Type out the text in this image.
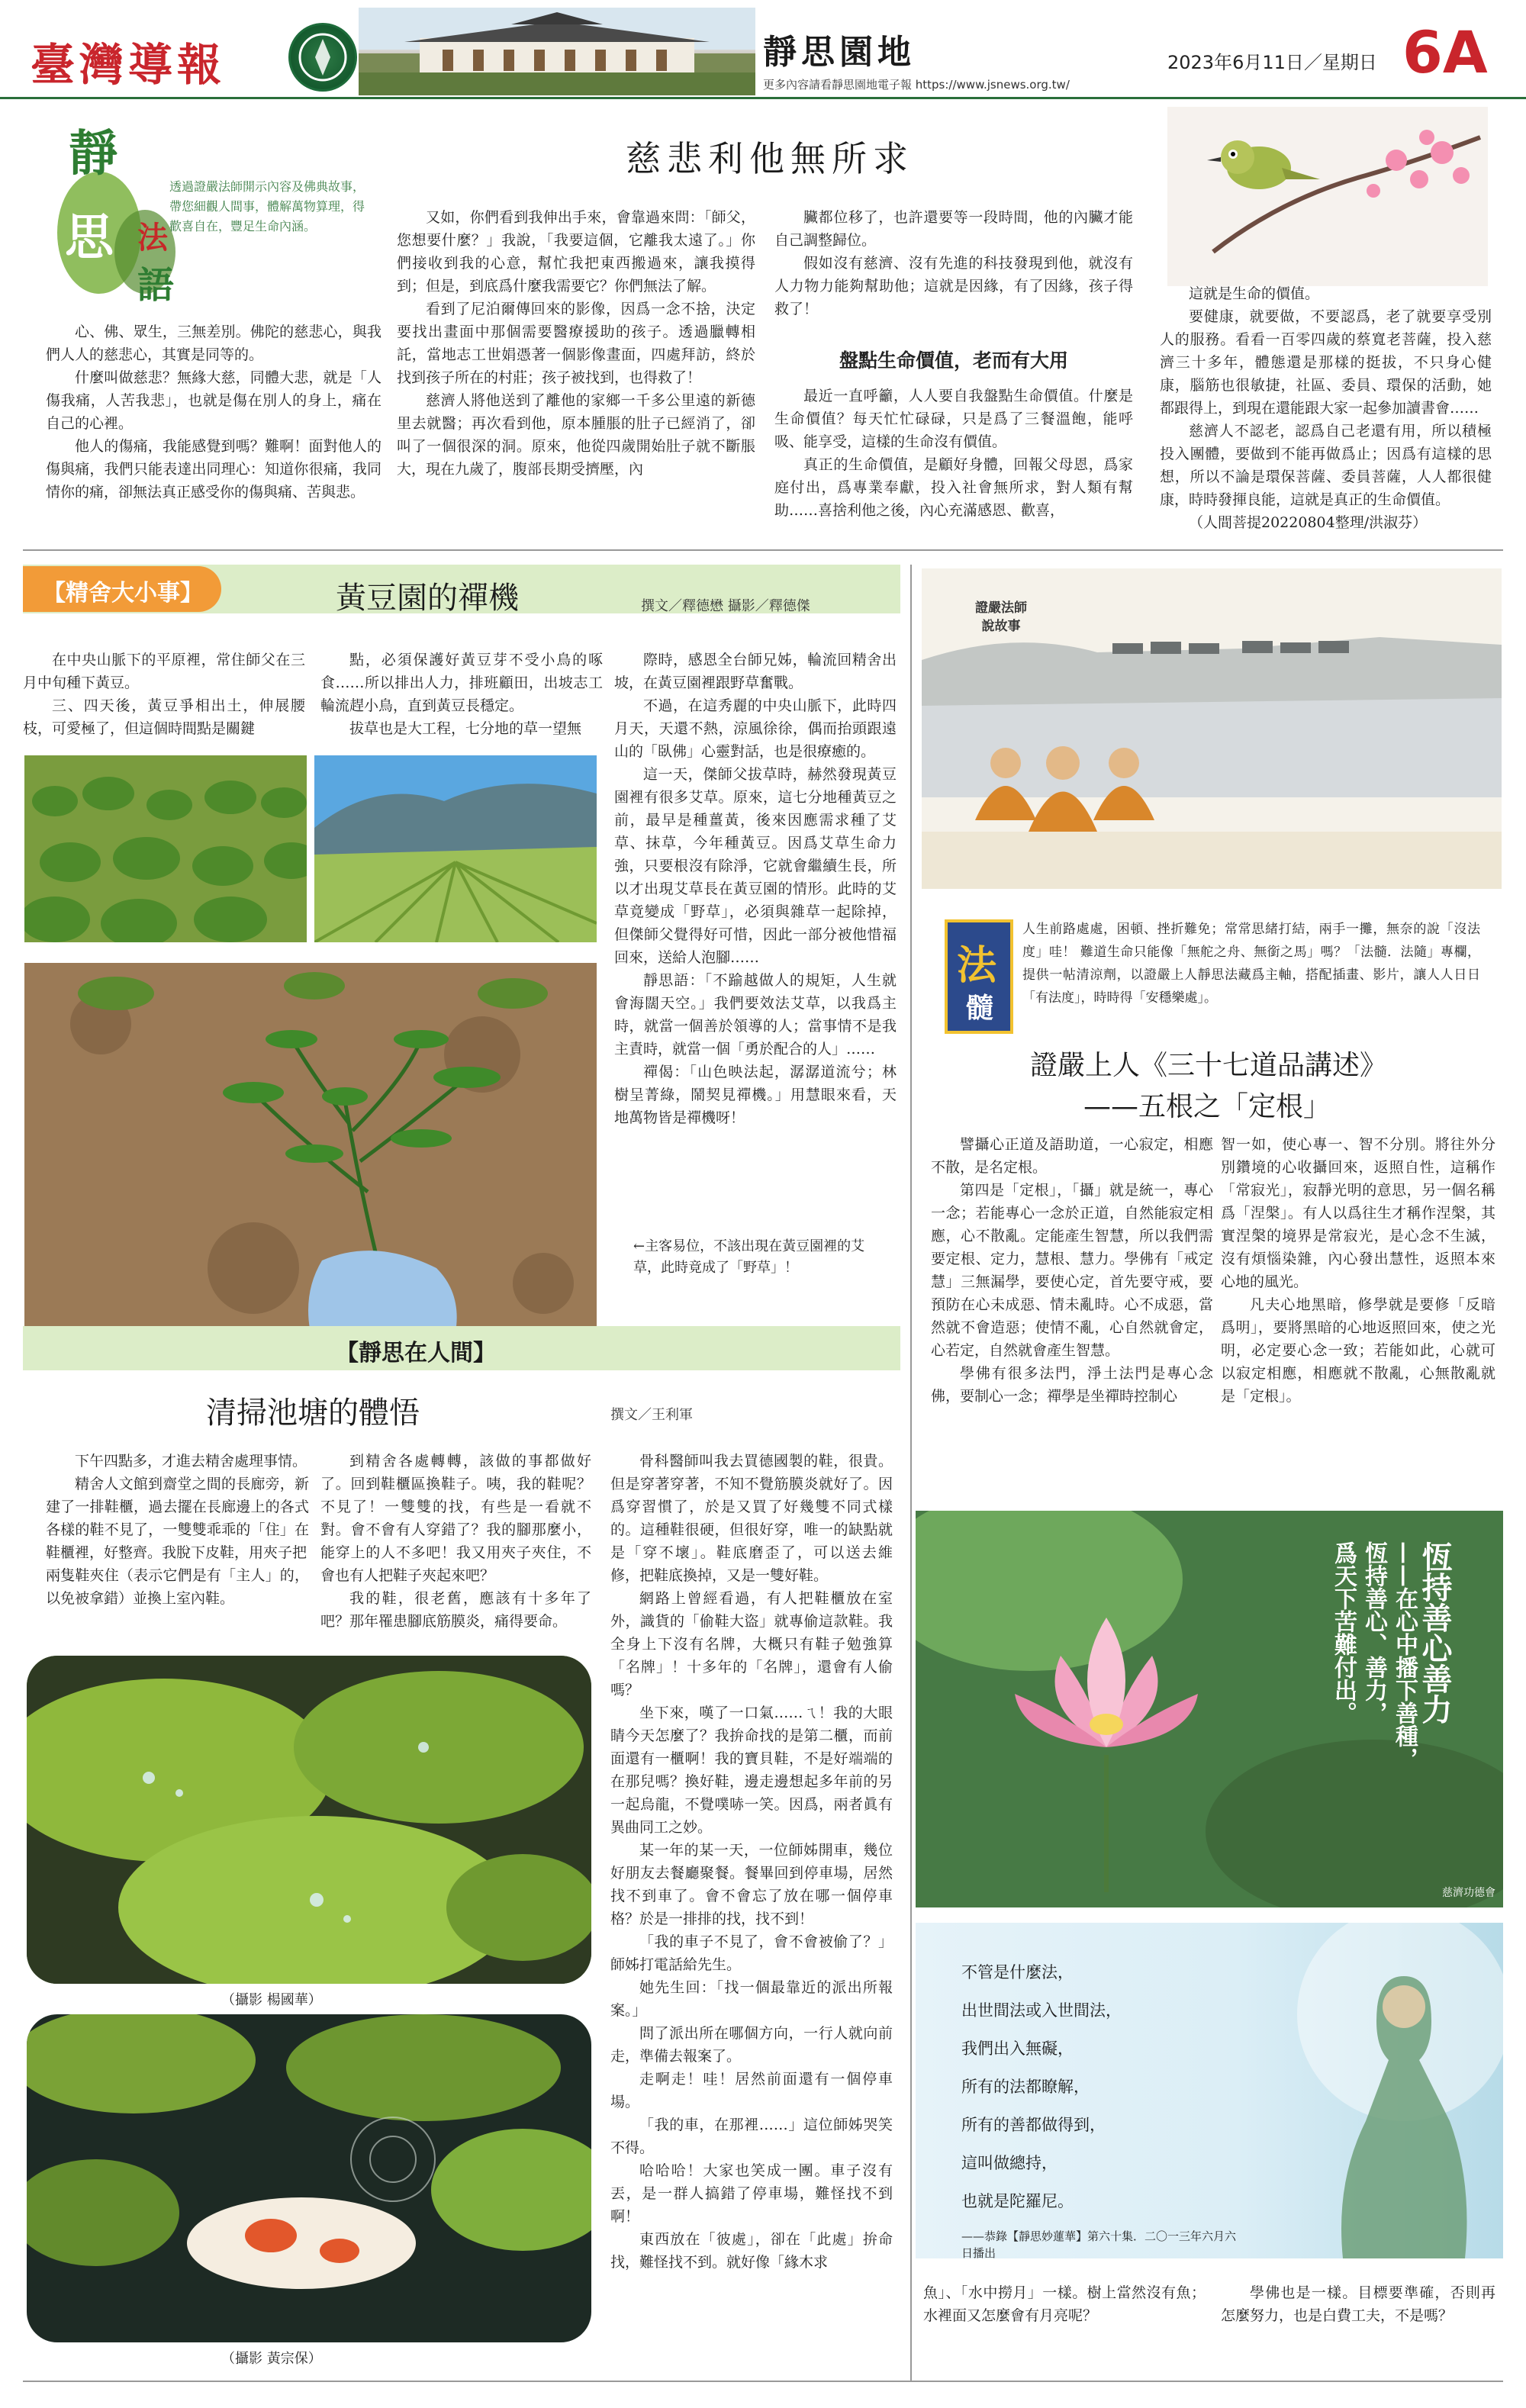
臺灣導報	靜思園地
更多內容請看靜思園地電子報 https://www.jsnews.org.tw/
2023年6月11日／星期日 6A
靜
思 法
語
透過證嚴法師開示內容及佛典故事，帶您細觀人間事，體解萬物算理，得歡喜自在，豐足生命內涵。
慈悲利他無所求

心、佛、眾生，三無差別。佛陀的慈悲心，與我們人人的慈悲心，其實是同等的。

什麼叫做慈悲？無緣大慈，同體大悲，就是「人傷我痛，人苦我悲」，也就是傷在別人的身上，痛在自己的心裡。

他人的傷痛，我能感覺到嗎？難啊！面對他人的傷與痛，我們只能表達出同理心：知道你很痛，我同情你的痛，卻無法真正感受你的傷與痛、苦與悲。

又如，你們看到我伸出手來，會靠過來問：「師父，您想要什麼？」我說，「我要這個，它離我太遠了。」你們接收到我的心意，幫忙我把東西搬過來，讓我摸得到；但是，到底爲什麼我需要它？你們無法了解。

看到了尼泊爾傳回來的影像，因爲一念不捨，決定要找出畫面中那個需要醫療援助的孩子。透過臘轉相託，當地志工世娟憑著一個影像畫面，四處拜訪，終於找到孩子所在的村莊；孩子被找到，也得救了！

慈濟人將他送到了離他的家鄉一千多公里遠的新德里去就醫；再次看到他，原本腫脹的肚子已經消了，卻叫了一個很深的洞。原來，他從四歲開始肚子就不斷脹大，現在九歲了，腹部長期受擠壓，內

臟都位移了，也許還要等一段時間，他的內臟才能自己調整歸位。

假如沒有慈濟、沒有先進的科技發現到他，就沒有人力物力能夠幫助他；這就是因緣，有了因緣，孩子得救了！

盤點生命價值，老而有大用

最近一直呼籲，人人要自我盤點生命價值。什麼是生命價值？每天忙忙碌碌，只是爲了三餐溫飽，能呼吸、能享受，這樣的生命沒有價值。

真正的生命價值，是顧好身體，回報父母恩，爲家庭付出，爲專業奉獻，投入社會無所求，對人類有幫助……喜捨利他之後，內心充滿感恩、歡喜，

這就是生命的價值。

要健康，就要做，不要認爲，老了就要享受別人的服務。看看一百零四歲的蔡寬老菩薩，投入慈濟三十多年，體態還是那樣的挺拔，不只身心健康，腦筋也很敏捷，社區、委員、環保的活動，她都跟得上，到現在還能跟大家一起參加讀書會……

慈濟人不認老，認爲自己老還有用，所以積極投入團體，要做到不能再做爲止；因爲有這樣的思想，所以不論是環保菩薩、委員菩薩，人人都很健康，時時發揮良能，這就是真正的生命價值。

（人間菩提20220804整理/洪淑芬）

【精舍大小事】	黃豆園的禪機	撰文／釋德懋 攝影／釋德傑

在中央山脈下的平原裡，常住師父在三月中旬種下黃豆。

三、四天後，黃豆爭相出土，伸展腰枝，可愛極了，但這個時間點是關鍵

點，必須保護好黃豆芽不受小鳥的啄食……所以排出人力，排班顧田，出坡志工輪流趕小鳥，直到黃豆長穩定。

拔草也是大工程，七分地的草一望無

際時，感恩全台師兄姊，輪流回精舍出坡，在黃豆園裡跟野草奮戰。

不過，在這秀麗的中央山脈下，此時四月天，天還不熱，涼風徐徐，偶而抬頭跟遠山的「臥佛」心靈對話，也是很療癒的。

這一天，傑師父拔草時，赫然發現黃豆園裡有很多艾草。原來，這七分地種黃豆之前，最早是種薑黃，後來因應需求種了艾草、抹草，今年種黃豆。因爲艾草生命力強，只要根沒有除淨，它就會繼續生長，所以才出現艾草長在黃豆園的情形。此時的艾草竟變成「野草」，必須與雜草一起除掉，但傑師父覺得好可惜，因此一部分被他惜福回來，送給人泡腳……

靜思語：「不踰越做人的規矩，人生就會海闊天空。」我們要效法艾草，以我爲主時，就當一個善於領導的人；當事情不是我主責時，就當一個「勇於配合的人」……

禪偈：「山色映法起，潺潺道流兮；林樹呈菁綠，鬧契見禪機。」用慧眼來看，天地萬物皆是禪機呀！

←主客易位，不該出現在黃豆園裡的艾草，此時竟成了「野草」！
【靜思在人間】
清掃池塘的體悟	撰文／王利軍

下午四點多，才進去精舍處理事情。

精舍人文館到齋堂之間的長廊旁，新建了一排鞋櫃，過去擺在長廊邊上的各式各樣的鞋不見了，一雙雙乖乖的「住」在鞋櫃裡，好整齊。我脫下皮鞋，用夾子把

兩隻鞋夾住（表示它們是有「主人」的，以免被拿錯）並換上室內鞋。

到精舍各處轉轉，該做的事都做好了。回到鞋櫃區換鞋子。咦，我的鞋呢？不見了！一雙雙的找，有些是一看就不對。會不會有人穿錯了？我的腳那麼小，能穿上的人不多吧！我又用夾子夾住，不會也有人把鞋子夾起來吧？

我的鞋，很老舊，應該有十多年了吧？那年罹患腳底筋膜炎，痛得要命。

骨科醫師叫我去買德國製的鞋，很貴。但是穿著穿著，不知不覺筋膜炎就好了。因爲穿習慣了，於是又買了好幾雙不同式樣的。這種鞋很硬，但很好穿，唯一的缺點就是「穿不壞」。鞋底磨歪了，可以送去維修，把鞋底換掉，又是一雙好鞋。

網路上曾經看過，有人把鞋櫃放在室外，識貨的「偷鞋大盜」就專偷這款鞋。我全身上下沒有名牌，大概只有鞋子勉強算「名牌」！十多年的「名牌」，還會有人偷嗎？

坐下來，嘆了一口氣……ㄟ！我的大眼睛今天怎麼了？我拚命找的是第二櫃，而前面還有一櫃啊！我的寶貝鞋，不是好端端的在那兒嗎？換好鞋，邊走邊想起多年前的另一起烏龍，不覺噗哧一笑。因爲，兩者眞有異曲同工之妙。

某一年的某一天，一位師姊開車，幾位好朋友去餐廳聚餐。餐畢回到停車場，居然找不到車了。會不會忘了放在哪一個停車格？於是一排排的找，找不到！

「我的車子不見了，會不會被偷了？」師姊打電話給先生。

她先生回：「找一個最靠近的派出所報案。」

問了派出所在哪個方向，一行人就向前走，準備去報案了。

走啊走！哇！居然前面還有一個停車場。

「我的車，在那裡……」這位師姊哭笑不得。

哈哈哈！大家也笑成一團。車子沒有丟，是一群人搞錯了停車場，難怪找不到啊！

東西放在「彼處」，卻在「此處」拚命找，難怪找不到。就好像「緣木求

（攝影 楊國華）
（攝影 黃宗保）
證嚴法師
說故事
法
髓
人生前路處處，困頓、挫折難免；常常思緒打結，兩手一攤，無奈的說「沒法度」哇！ 難道生命只能像「無舵之舟、無銜之馬」嗎？「法髓．法隨」專欄，提供一帖清涼劑，以證嚴上人靜思法藏爲主軸，搭配插畫、影片，讓人人日日「有法度」，時時得「安穩樂處」。
證嚴上人《三十七道品講述》
——五根之「定根」

譬攝心正道及語助道，一心寂定，相應不散，是名定根。

第四是「定根」，「攝」就是統一，專心一念；若能專心一念於正道，自然能寂定相應，心不散亂。定能產生智慧，所以我們需要定根、定力，慧根、慧力。學佛有「戒定慧」三無漏學，要使心定，首先要守戒，要預防在心未成惡、情未亂時。心不成惡，當然就不會造惡；使情不亂，心自然就會定，心若定，自然就會產生智慧。

學佛有很多法門，淨土法門是專心念佛，要制心一念；禪學是坐禪時控制心

智一如，使心專一、智不分別。將往外分別鑽境的心收攝回來，返照自性，這稱作「常寂光」，寂靜光明的意思，另一個名稱爲「涅槃」。有人以爲往生才稱作涅槃，其實涅槃的境界是常寂光，是心念不生滅，沒有煩惱染雜，內心發出慧性，返照本來心地的風光。

凡夫心地黑暗，修學就是要修「反暗爲明」，要將黑暗的心地返照回來，使之光明，必定要心念一致；若能如此，心就可以寂定相應，相應就不散亂，心無散亂就是「定根」。

恆持善心善力
——在心中播下善種，
恆持善心、善力，
爲天下苦難付出。
慈濟功德會
不管是什麼法，
出世間法或入世間法，
我們出入無礙，
所有的法都瞭解，
所有的善都做得到，
這叫做總持，
也就是陀羅尼。
——恭錄【靜思妙蓮華】第六十集．二〇一三年六月六日播出

魚」、「水中撈月」一樣。樹上當然沒有魚；水裡面又怎麼會有月亮呢？

學佛也是一樣。目標要準確，否則再怎麼努力，也是白費工夫，不是嗎？
